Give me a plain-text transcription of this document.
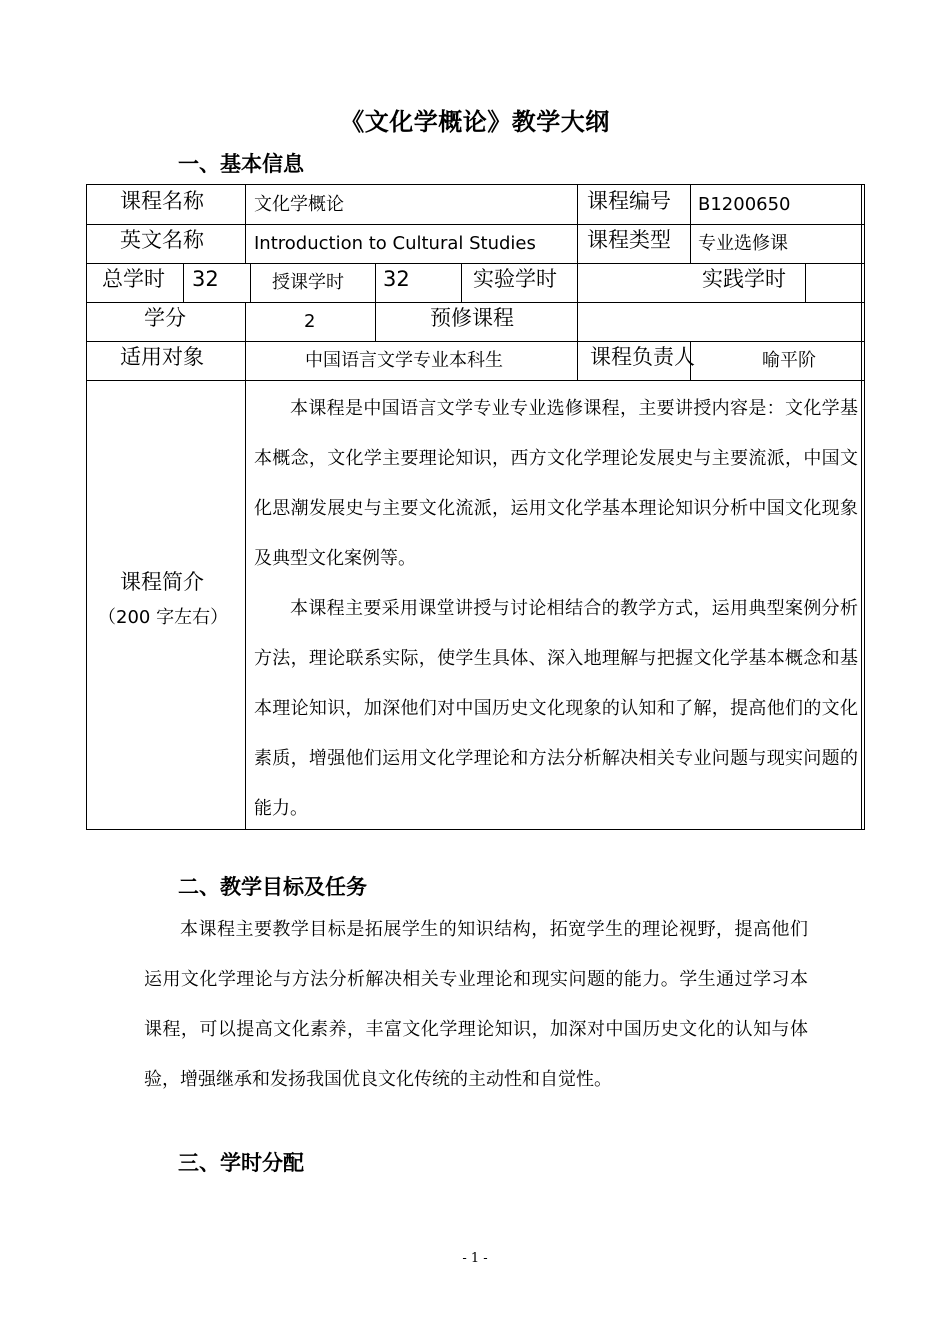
《文化学概论》教学大纲
一、基本信息
课程名称	文化学概论	课程编号 B1200650
英文名称	Introduction to Cultural Studies 课程类型 专业选修课
总学时 32	授课学时 32	实验学时	实践学时
学分	2	预修课程
适用对象	中国语言文学专业本科生	课程负责人	喻平阶
课程简介
（200 字左右）

本课程是中国语言文学专业专业选修课程，主要讲授内容是：文化学基本概念，文化学主要理论知识，西方文化学理论发展史与主要流派，中国文化思潮发展史与主要文化流派，运用文化学基本理论知识分析中国文化现象及典型文化案例等。

本课程主要采用课堂讲授与讨论相结合的教学方式，运用典型案例分析方法，理论联系实际，使学生具体、深入地理解与把握文化学基本概念和基本理论知识，加深他们对中国历史文化现象的认知和了解，提高他们的文化素质，增强他们运用文化学理论和方法分析解决相关专业问题与现实问题的能力。

二、教学目标及任务

本课程主要教学目标是拓展学生的知识结构，拓宽学生的理论视野，提高他们运用文化学理论与方法分析解决相关专业理论和现实问题的能力。学生通过学习本课程，可以提高文化素养，丰富文化学理论知识，加深对中国历史文化的认知与体验，增强继承和发扬我国优良文化传统的主动性和自觉性。

三、学时分配
- 1 -
